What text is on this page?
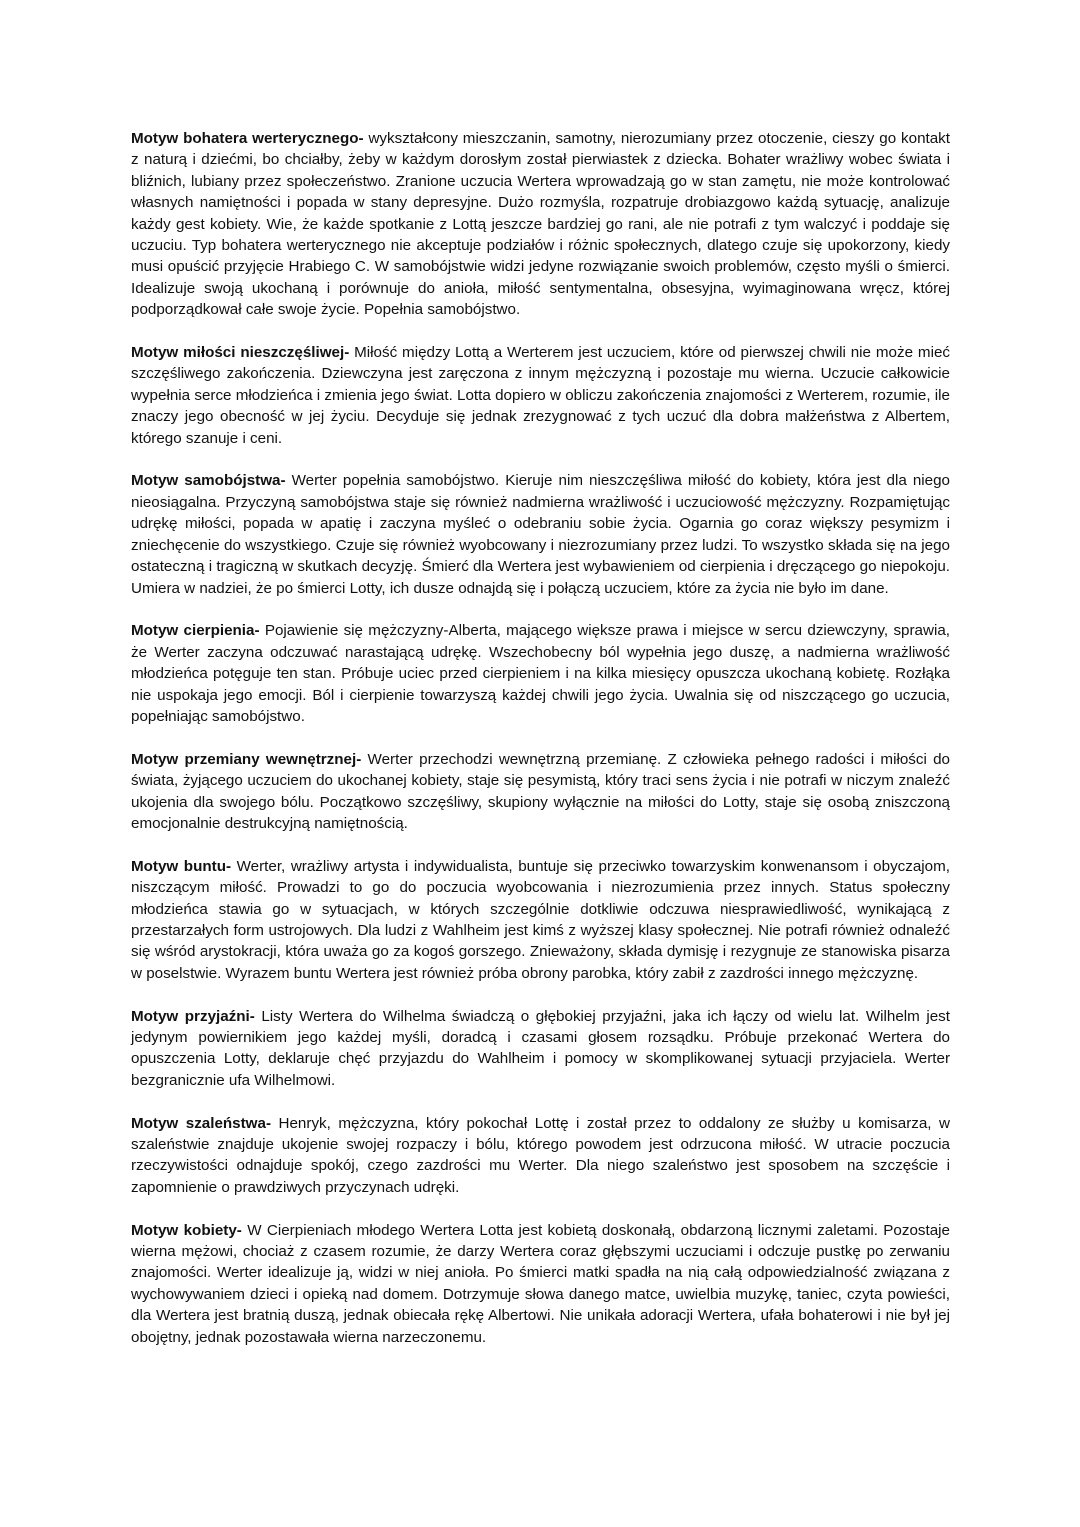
Motyw bohatera werterycznego- wykształcony mieszczanin, samotny, nierozumiany przez otoczenie, cieszy go kontakt z naturą i dziećmi, bo chciałby, żeby w każdym dorosłym został pierwiastek z dziecka. Bohater wrażliwy wobec świata i bliźnich, lubiany przez społeczeństwo. Zranione uczucia Wertera wprowadzają go w stan zamętu, nie może kontrolować własnych namiętności i popada w stany depresyjne. Dużo rozmyśla, rozpatruje drobiazgowo każdą sytuację, analizuje każdy gest kobiety. Wie, że każde spotkanie z Lottą jeszcze bardziej go rani, ale nie potrafi z tym walczyć i poddaje się uczuciu. Typ bohatera werterycznego nie akceptuje podziałów i różnic społecznych, dlatego czuje się upokorzony, kiedy musi opuścić przyjęcie Hrabiego C. W samobójstwie widzi jedyne rozwiązanie swoich problemów, często myśli o śmierci. Idealizuje swoją ukochaną i porównuje do anioła, miłość sentymentalna, obsesyjna, wyimaginowana wręcz, której podporządkował całe swoje życie. Popełnia samobójstwo.

Motyw miłości nieszczęśliwej- Miłość między Lottą a Werterem jest uczuciem, które od pierwszej chwili nie może mieć szczęśliwego zakończenia. Dziewczyna jest zaręczona z innym mężczyzną i pozostaje mu wierna. Uczucie całkowicie wypełnia serce młodzieńca i zmienia jego świat. Lotta dopiero w obliczu zakończenia znajomości z Werterem, rozumie, ile znaczy jego obecność w jej życiu. Decyduje się jednak zrezygnować z tych uczuć dla dobra małżeństwa z Albertem, którego szanuje i ceni.

Motyw samobójstwa- Werter popełnia samobójstwo. Kieruje nim nieszczęśliwa miłość do kobiety, która jest dla niego nieosiągalna. Przyczyną samobójstwa staje się również nadmierna wrażliwość i uczuciowość mężczyzny. Rozpamiętując udrękę miłości, popada w apatię i zaczyna myśleć o odebraniu sobie życia. Ogarnia go coraz większy pesymizm i zniechęcenie do wszystkiego. Czuje się również wyobcowany i niezrozumiany przez ludzi. To wszystko składa się na jego ostateczną i tragiczną w skutkach decyzję. Śmierć dla Wertera jest wybawieniem od cierpienia i dręczącego go niepokoju. Umiera w nadziei, że po śmierci Lotty, ich dusze odnajdą się i połączą uczuciem, które za życia nie było im dane.

Motyw cierpienia- Pojawienie się mężczyzny-Alberta, mającego większe prawa i miejsce w sercu dziewczyny, sprawia, że Werter zaczyna odczuwać narastającą udrękę. Wszechobecny ból wypełnia jego duszę, a nadmierna wrażliwość młodzieńca potęguje ten stan. Próbuje uciec przed cierpieniem i na kilka miesięcy opuszcza ukochaną kobietę. Rozłąka nie uspokaja jego emocji. Ból i cierpienie towarzyszą każdej chwili jego życia. Uwalnia się od niszczącego go uczucia, popełniając samobójstwo.

Motyw przemiany wewnętrznej- Werter przechodzi wewnętrzną przemianę. Z człowieka pełnego radości i miłości do świata, żyjącego uczuciem do ukochanej kobiety, staje się pesymistą, który traci sens życia i nie potrafi w niczym znaleźć ukojenia dla swojego bólu. Początkowo szczęśliwy, skupiony wyłącznie na miłości do Lotty, staje się osobą zniszczoną emocjonalnie destrukcyjną namiętnością.

Motyw buntu- Werter, wrażliwy artysta i indywidualista, buntuje się przeciwko towarzyskim konwenansom i obyczajom, niszczącym miłość. Prowadzi to go do poczucia wyobcowania i niezrozumienia przez innych. Status społeczny młodzieńca stawia go w sytuacjach, w których szczególnie dotkliwie odczuwa niesprawiedliwość, wynikającą z przestarzałych form ustrojowych. Dla ludzi z Wahlheim jest kimś z wyższej klasy społecznej. Nie potrafi również odnaleźć się wśród arystokracji, która uważa go za kogoś gorszego. Znieważony, składa dymisję i rezygnuje ze stanowiska pisarza w poselstwie. Wyrazem buntu Wertera jest również próba obrony parobka, który zabił z zazdrości innego mężczyznę.

Motyw przyjaźni- Listy Wertera do Wilhelma świadczą o głębokiej przyjaźni, jaka ich łączy od wielu lat. Wilhelm jest jedynym powiernikiem jego każdej myśli, doradcą i czasami głosem rozsądku. Próbuje przekonać Wertera do opuszczenia Lotty, deklaruje chęć przyjazdu do Wahlheim i pomocy w skomplikowanej sytuacji przyjaciela. Werter bezgranicznie ufa Wilhelmowi.

Motyw szaleństwa- Henryk, mężczyzna, który pokochał Lottę i został przez to oddalony ze służby u komisarza, w szaleństwie znajduje ukojenie swojej rozpaczy i bólu, którego powodem jest odrzucona miłość. W utracie poczucia rzeczywistości odnajduje spokój, czego zazdrości mu Werter. Dla niego szaleństwo jest sposobem na szczęście i zapomnienie o prawdziwych przyczynach udręki.

Motyw kobiety- W Cierpieniach młodego Wertera Lotta jest kobietą doskonałą, obdarzoną licznymi zaletami. Pozostaje wierna mężowi, chociaż z czasem rozumie, że darzy Wertera coraz głębszymi uczuciami i odczuje pustkę po zerwaniu znajomości. Werter idealizuje ją, widzi w niej anioła. Po śmierci matki spadła na nią całą odpowiedzialność związana z wychowywaniem dzieci i opieką nad domem. Dotrzymuje słowa danego matce, uwielbia muzykę, taniec, czyta powieści, dla Wertera jest bratnią duszą, jednak obiecała rękę Albertowi. Nie unikała adoracji Wertera, ufała bohaterowi i nie był jej obojętny, jednak pozostawała wierna narzeczonemu.
